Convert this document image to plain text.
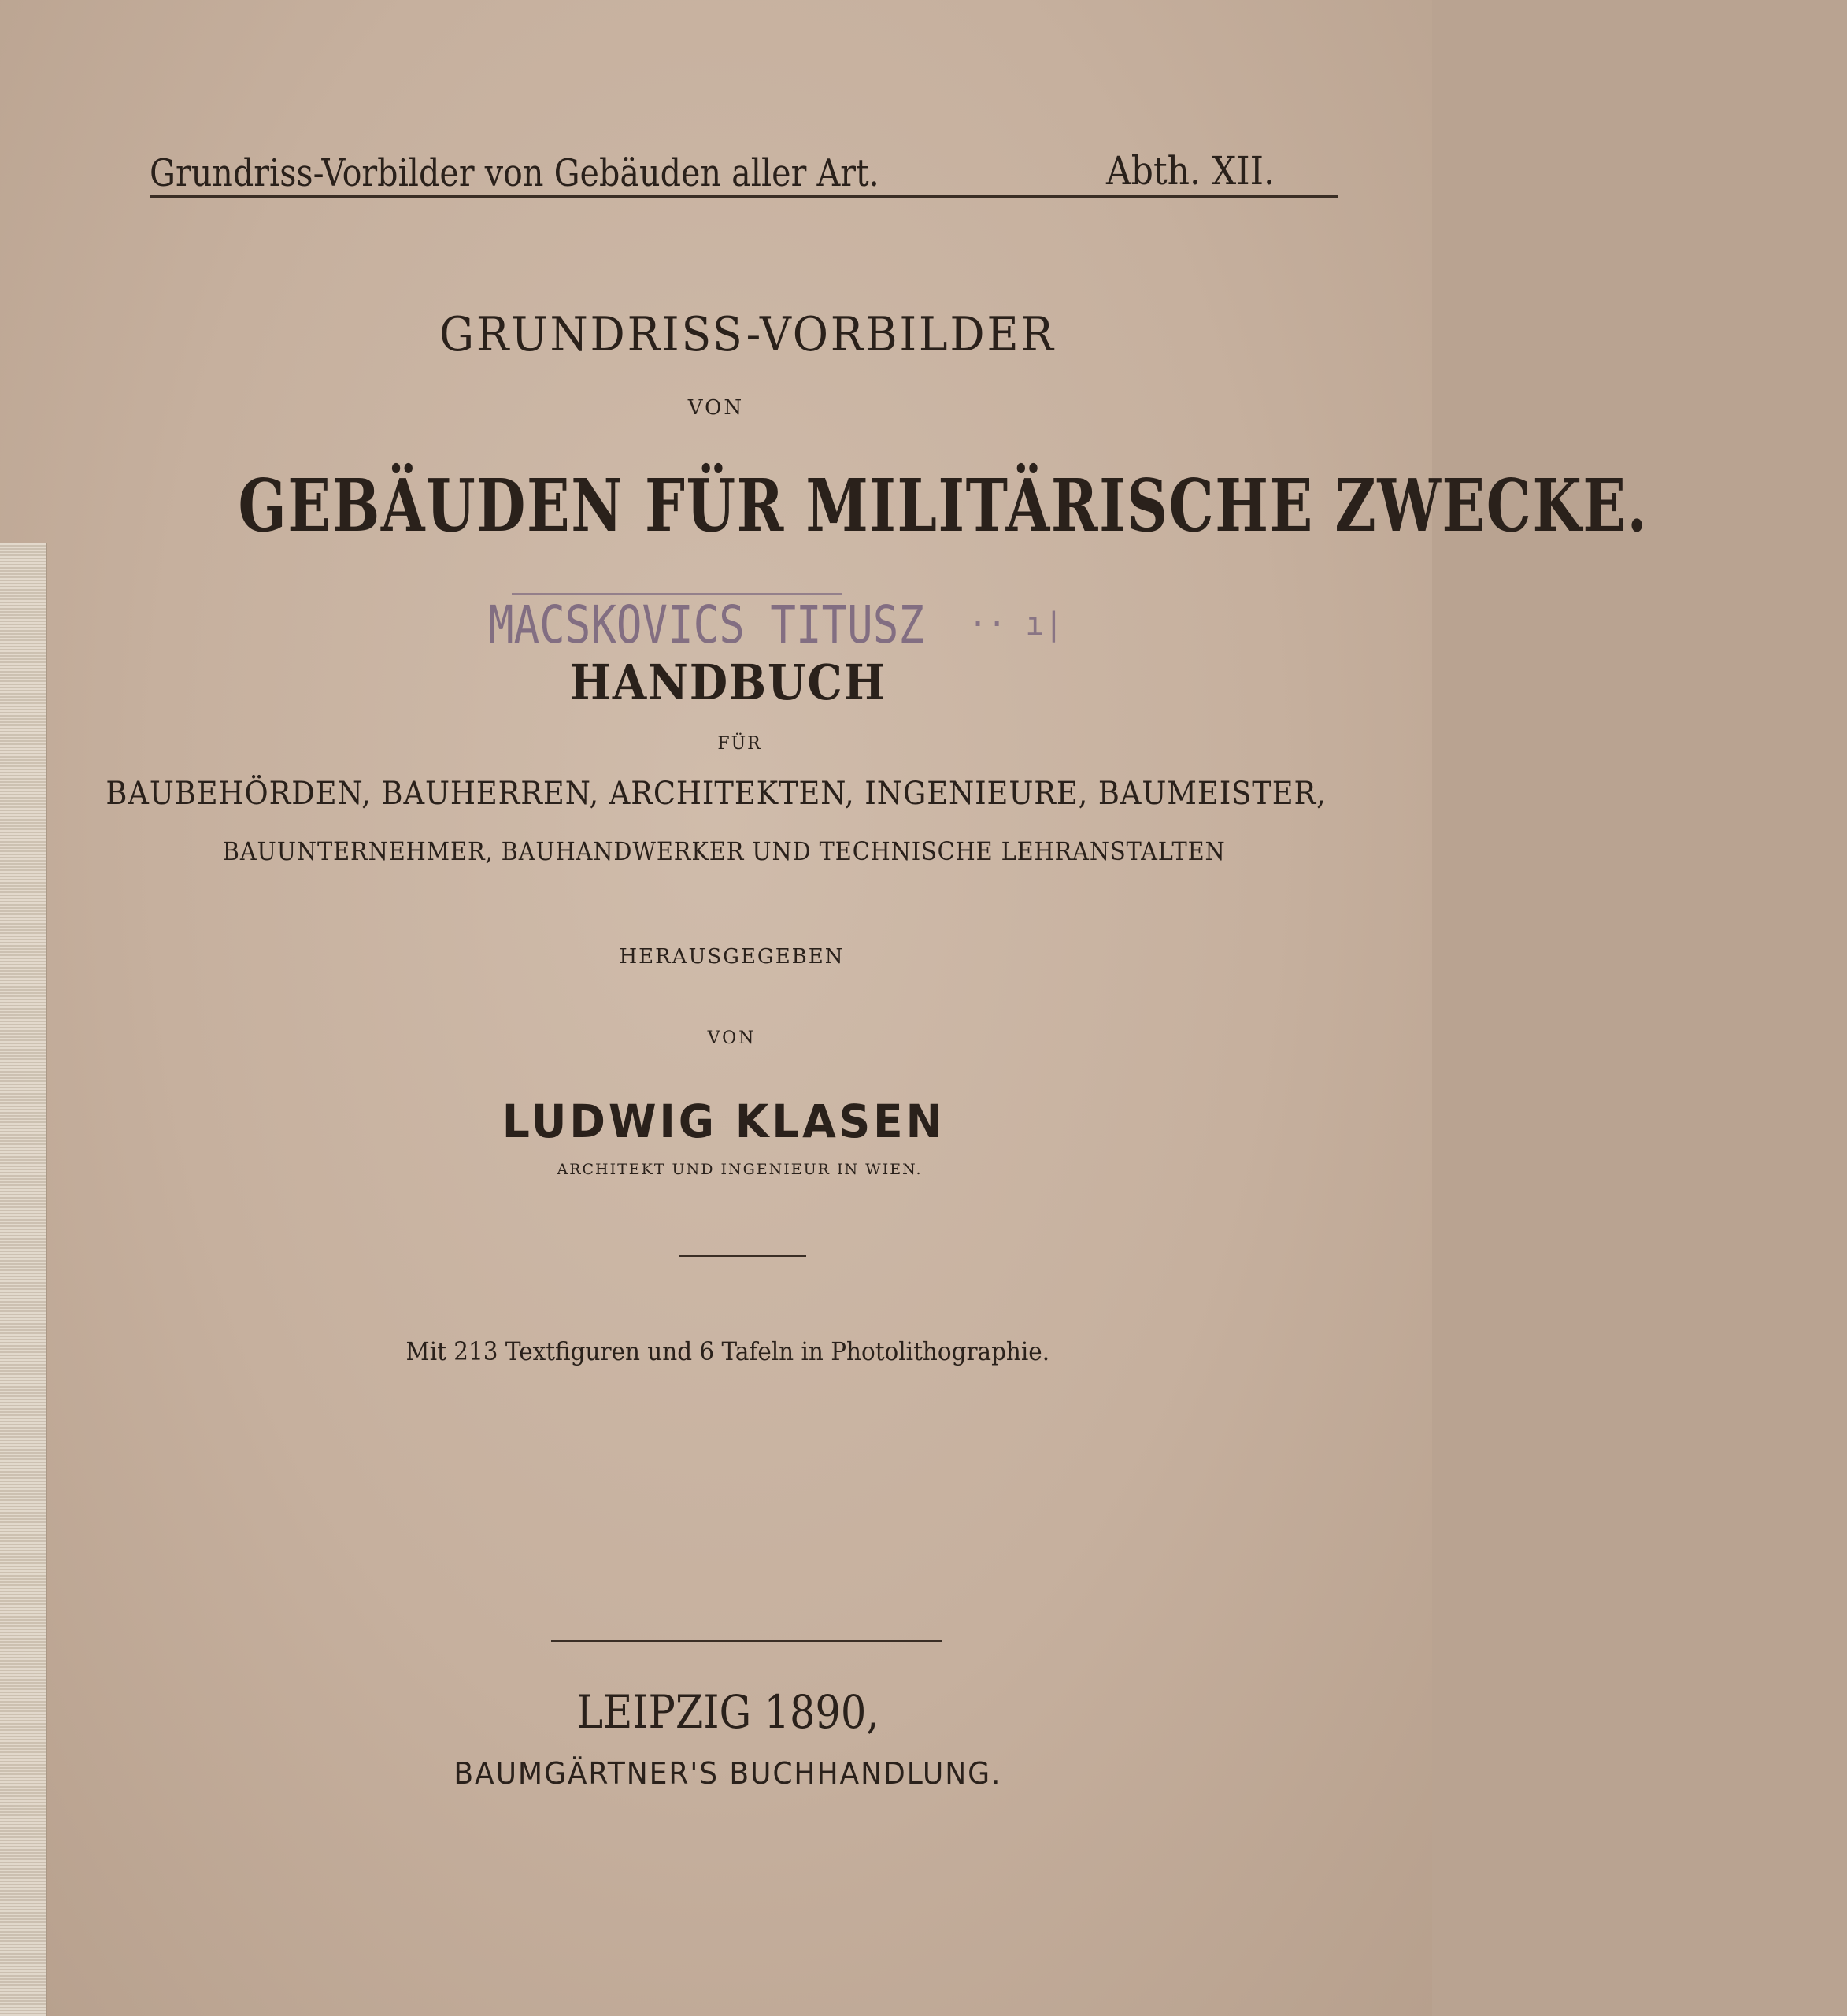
Grundriss-Vorbilder von Gebäuden aller Art.	Abth. XII.
GRUNDRISS-VORBILDER
VON
GEBÄUDEN FÜR MILITÄRISCHE ZWECKE.
MACSKOVICS TITUSZ ·· ı|
HANDBUCH
FÜR
BAUBEHÖRDEN, BAUHERREN, ARCHITEKTEN, INGENIEURE, BAUMEISTER,
BAUUNTERNEHMER, BAUHANDWERKER UND TECHNISCHE LEHRANSTALTEN
HERAUSGEGEBEN
VON
LUDWIG KLASEN
ARCHITEKT UND INGENIEUR IN WIEN.
Mit 213 Textfiguren und 6 Tafeln in Photolithographie.
LEIPZIG 1890,
BAUMGÄRTNER'S BUCHHANDLUNG.
